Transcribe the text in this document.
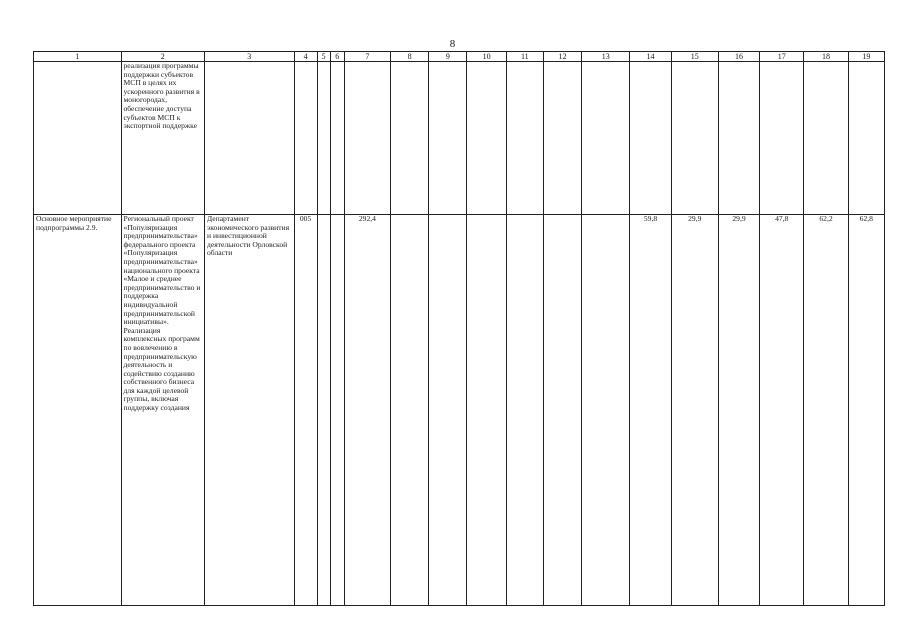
8
1	2	3	4	5	6	7	8	9	10	11	12	13	14	15	16	17	18	19
	реализация программы поддержки субъектов МСП в целях их ускоренного развития в моногородах, обеспечение доступа субъектов МСП к экспортной поддержке																	
Основное мероприятие подпрограммы 2.9.	Региональный проект «Популяризация предпринимательства» федерального проекта «Популяризация предпринимательства» национального проекта «Малое и среднее предпринимательство и поддержка индивидуальной предпринимательской инициативы». Реализация комплексных программ по вовлечению в предпринимательскую деятельность и содействию созданию собственного бизнеса для каждой целевой группы, включая поддержку создания	Департамент экономического развития и инвестиционной деятельности Орловской области	005			292,4							59,8	29,9	29,9	47,8	62,2	62,8
